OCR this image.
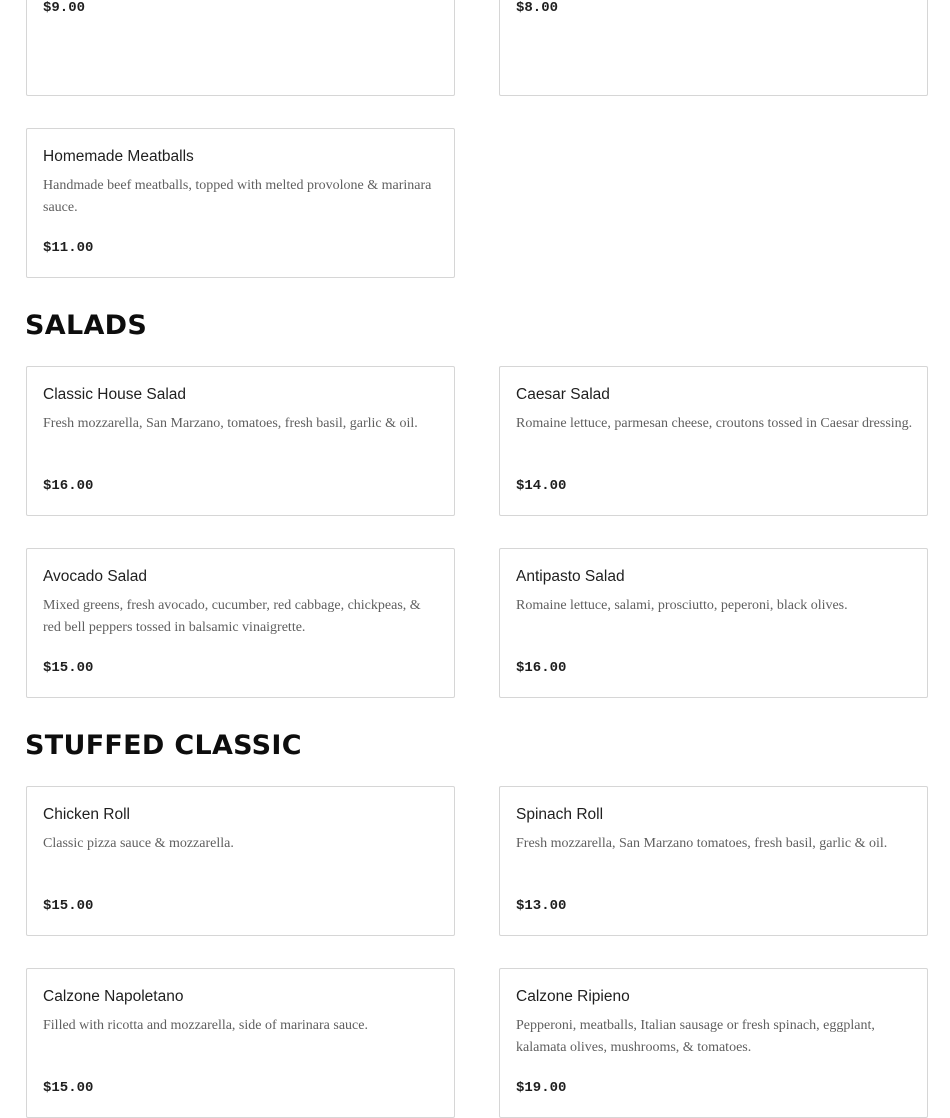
$9.00	$8.00
Homemade Meatballs
Handmade beef meatballs, topped with melted provolone & marinara sauce.
$11.00
SALADS
Classic House Salad
Fresh mozzarella, San Marzano, tomatoes, fresh basil, garlic & oil.
$16.00
Caesar Salad
Romaine lettuce, parmesan cheese, croutons tossed in Caesar dressing.
$14.00
Avocado Salad
Mixed greens, fresh avocado, cucumber, red cabbage, chickpeas, & red bell peppers tossed in balsamic vinaigrette.
$15.00
Antipasto Salad
Romaine lettuce, salami, prosciutto, peperoni, black olives.
$16.00
STUFFED CLASSIC
Chicken Roll
Classic pizza sauce & mozzarella.
$15.00
Spinach Roll
Fresh mozzarella, San Marzano tomatoes, fresh basil, garlic & oil.
$13.00
Calzone Napoletano
Filled with ricotta and mozzarella, side of marinara sauce.
$15.00
Calzone Ripieno
Pepperoni, meatballs, Italian sausage or fresh spinach, eggplant, kalamata olives, mushrooms, & tomatoes.
$19.00
